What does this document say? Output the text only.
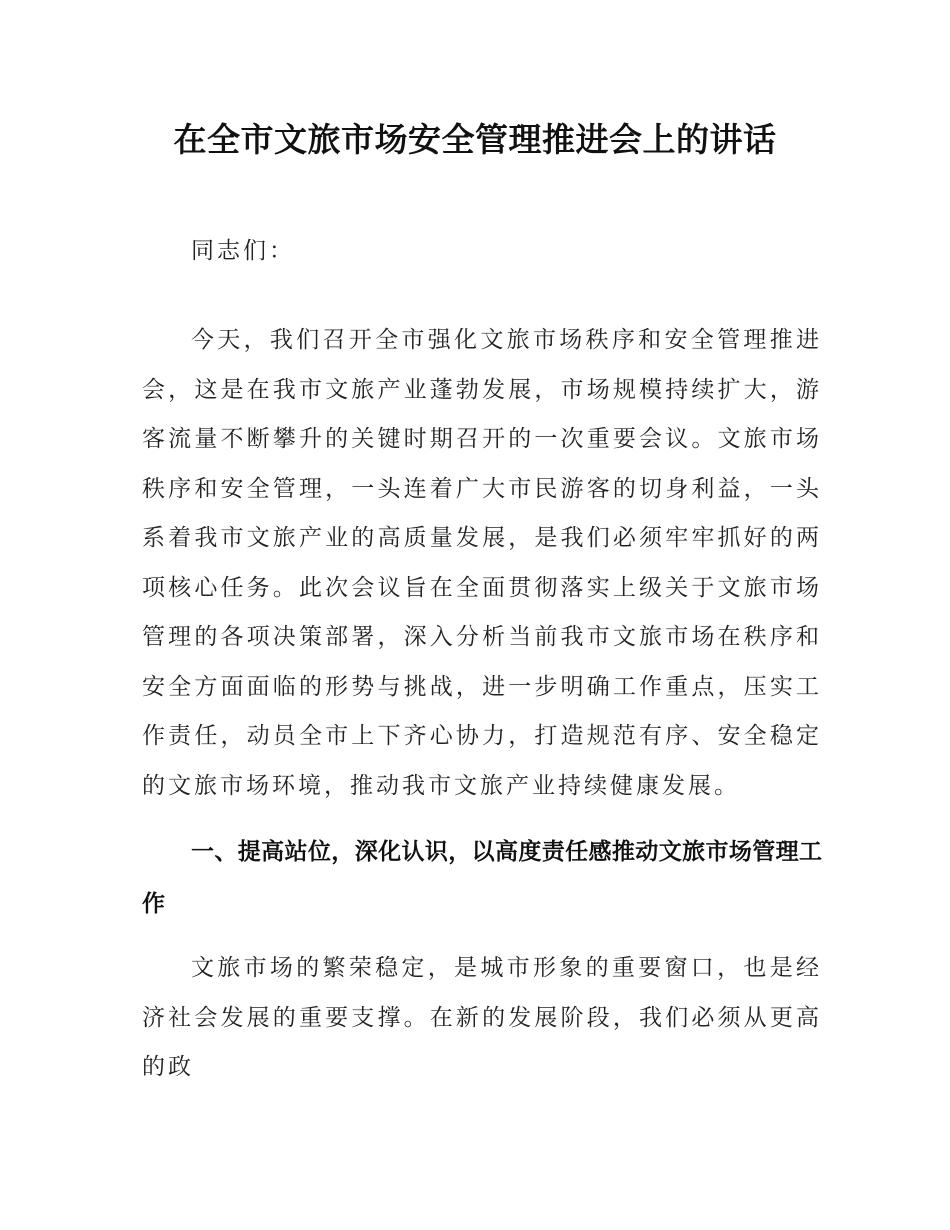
在全市文旅市场安全管理推进会上的讲话

同志们：

今天，我们召开全市强化文旅市场秩序和安全管理推进会，这是在我市文旅产业蓬勃发展，市场规模持续扩大，游客流量不断攀升的关键时期召开的一次重要会议。文旅市场秩序和安全管理，一头连着广大市民游客的切身利益，一头系着我市文旅产业的高质量发展，是我们必须牢牢抓好的两项核心任务。此次会议旨在全面贯彻落实上级关于文旅市场管理的各项决策部署，深入分析当前我市文旅市场在秩序和安全方面面临的形势与挑战，进一步明确工作重点，压实工作责任，动员全市上下齐心协力，打造规范有序、安全稳定的文旅市场环境，推动我市文旅产业持续健康发展。

一、提高站位，深化认识，以高度责任感推动文旅市场管理工作

文旅市场的繁荣稳定，是城市形象的重要窗口，也是经济社会发展的重要支撑。在新的发展阶段，我们必须从更高的政
